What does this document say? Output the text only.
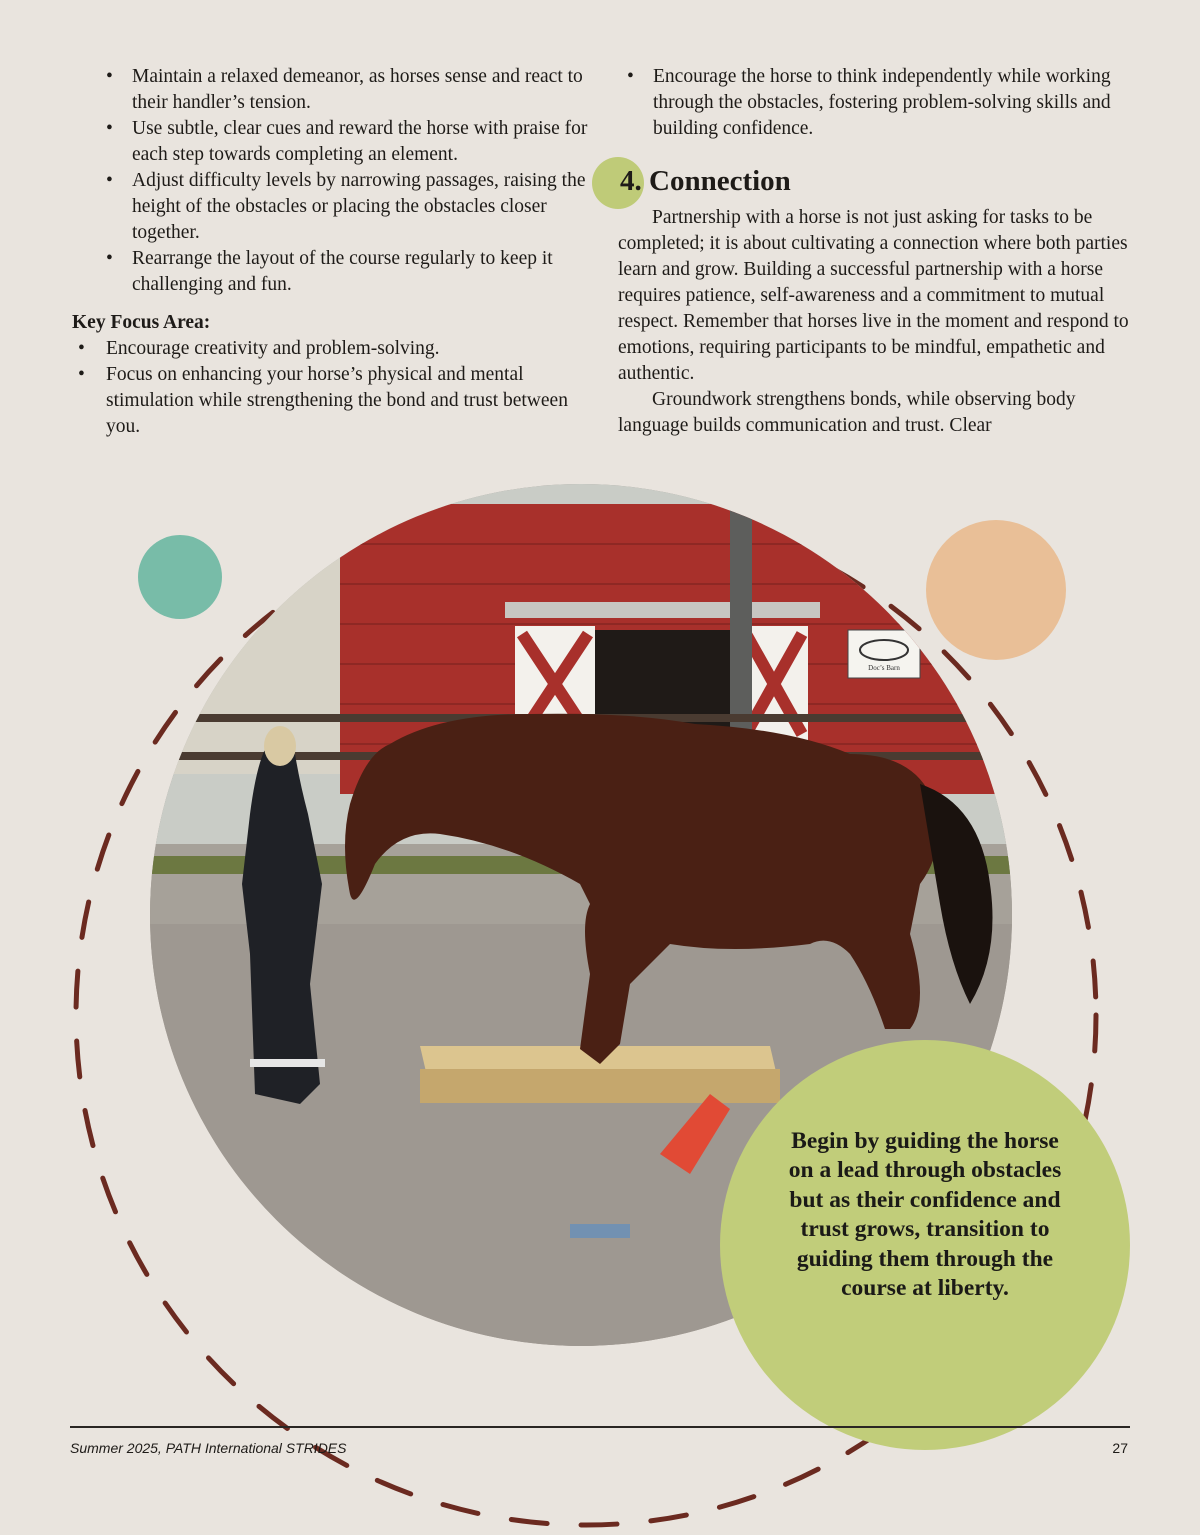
• Maintain a relaxed demeanor, as horses sense and react to their handler’s tension.
• Use subtle, clear cues and reward the horse with praise for each step towards completing an element.
• Adjust difficulty levels by narrowing passages, raising the height of the obstacles or placing the obstacles closer together.
• Rearrange the layout of the course regularly to keep it challenging and fun.
Key Focus Area:
• Encourage creativity and problem-solving.
• Focus on enhancing your horse’s physical and mental stimulation while strengthening the bond and trust between you.
• Encourage the horse to think independently while working through the obstacles, fostering problem-solving skills and building confidence.
4. Connection

Partnership with a horse is not just asking for tasks to be completed; it is about cultivating a connection where both parties learn and grow. Building a successful partnership with a horse requires patience, self-awareness and a commitment to mutual respect. Remember that horses live in the moment and respond to emotions, requiring participants to be mindful, empathetic and authentic.

Groundwork strengthens bonds, while observing body language builds communication and trust. Clear

Doc’s Barn
Begin by guiding the horse on a lead through obstacles but as their confidence and trust grows, transition to guiding them through the course at liberty.
Summer 2025, PATH International STRIDES	27
